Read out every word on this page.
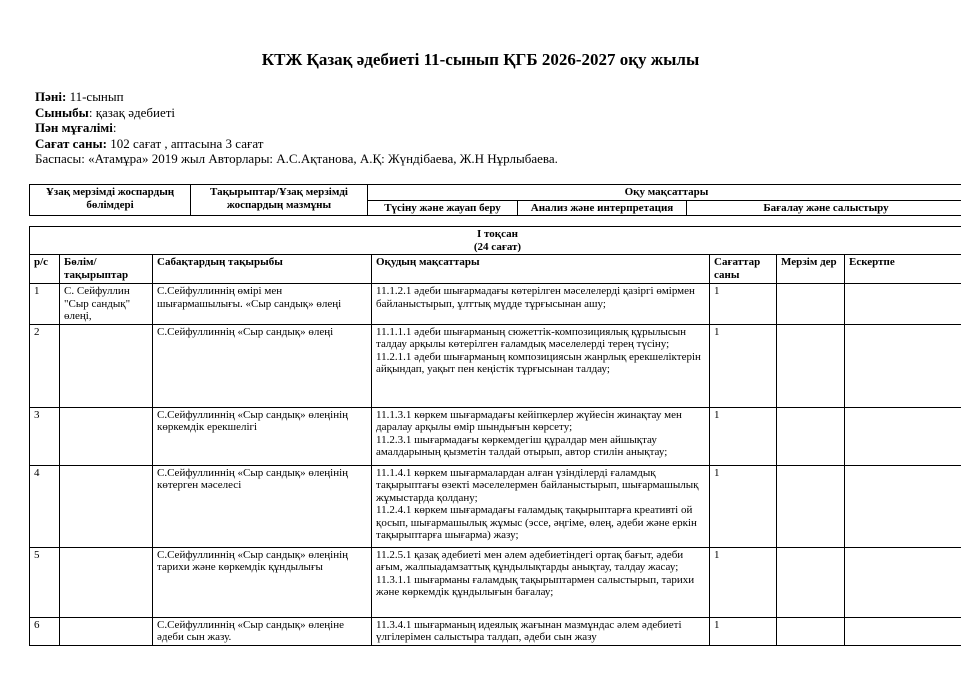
КТЖ Қазақ әдебиеті 11-сынып ҚГБ 2026-2027 оқу жылы
Пәні: 11-сынып
Сыныбы: қазақ әдебиеті
Пән мұғалімі:
Сағат саны: 102 сағат , аптасына 3 сағат
Баспасы: «Атамұра» 2019 жыл Авторлары: А.С.Ақтанова, А.Қ: Жүндібаева, Ж.Н Нұрлыбаева.
Ұзақ мерзімді жоспардың бөлімдері	Тақырыптар/Ұзақ мерзімді жоспардың мазмұны	Оқу мақсаттары		
		Түсіну және жауап беру	Анализ және интерпретация	Бағалау және салыстыру
І тоқсан
(24 сағат)						

р/с	Бөлім/ тақырыптар	Сабақтардың тақырыбы	Оқудың мақсаттары	Сағаттар саны	Мерзім дер	Ескертпе
1	С. Сейфуллин "Сыр сандық" өлеңі,	С.Сейфуллиннің өмірі мен шығармашылығы. «Сыр сандық» өлеңі	11.1.2.1 әдеби шығармадағы көтерілген мәселелерді қазіргі өмірмен байланыстырып, ұлттық мүдде тұрғысынан ашу;	1		
2		С.Сейфуллиннің «Сыр сандық» өлеңі	11.1.1.1 әдеби шығарманың сюжеттік-композициялық құрылысын талдау арқылы көтерілген ғаламдық мәселелерді терең түсіну;
11.2.1.1 әдеби шығарманың композициясын жанрлық ерекшеліктерін айқындап, уақыт пен кеңістік тұрғысынан талдау;	1		
3		С.Сейфуллиннің «Сыр сандық» өлеңінің көркемдік ерекшелігі	11.1.3.1 көркем шығармадағы кейіпкерлер жүйесін жинақтау мен даралау арқылы өмір шындығын көрсету;
11.2.3.1 шығармадағы көркемдегіш құралдар мен айшықтау амалдарының қызметін талдай отырып, автор стилін анықтау;	1		
4		С.Сейфуллиннің «Сыр сандық» өлеңінің көтерген мәселесі	11.1.4.1 көркем шығармалардан алған үзінділерді ғаламдық тақырыптағы өзекті мәселелермен байланыстырып, шығармашылық жұмыстарда қолдану;
11.2.4.1 көркем шығармадағы ғаламдық тақырыптарға креативті ой қосып, шығармашылық жұмыс (эссе, әңгіме, өлең, әдеби және еркін тақырыптарға шығарма) жазу;	1		
5		С.Сейфуллиннің «Сыр сандық» өлеңінің тарихи және көркемдік құндылығы	11.2.5.1 қазақ әдебиеті мен әлем әдебиетіндегі ортақ бағыт, әдеби ағым, жалпыадамзаттық құндылықтарды анықтау, талдау жасау;
11.3.1.1 шығарманы ғаламдық тақырыптармен салыстырып, тарихи және көркемдік құндылығын бағалау;	1		
6		С.Сейфуллиннің «Сыр сандық» өлеңіне әдеби сын жазу.	11.3.4.1 шығарманың идеялық жағынан мазмұндас әлем әдебиеті үлгілерімен салыстыра талдап, әдеби сын жазу	1		
